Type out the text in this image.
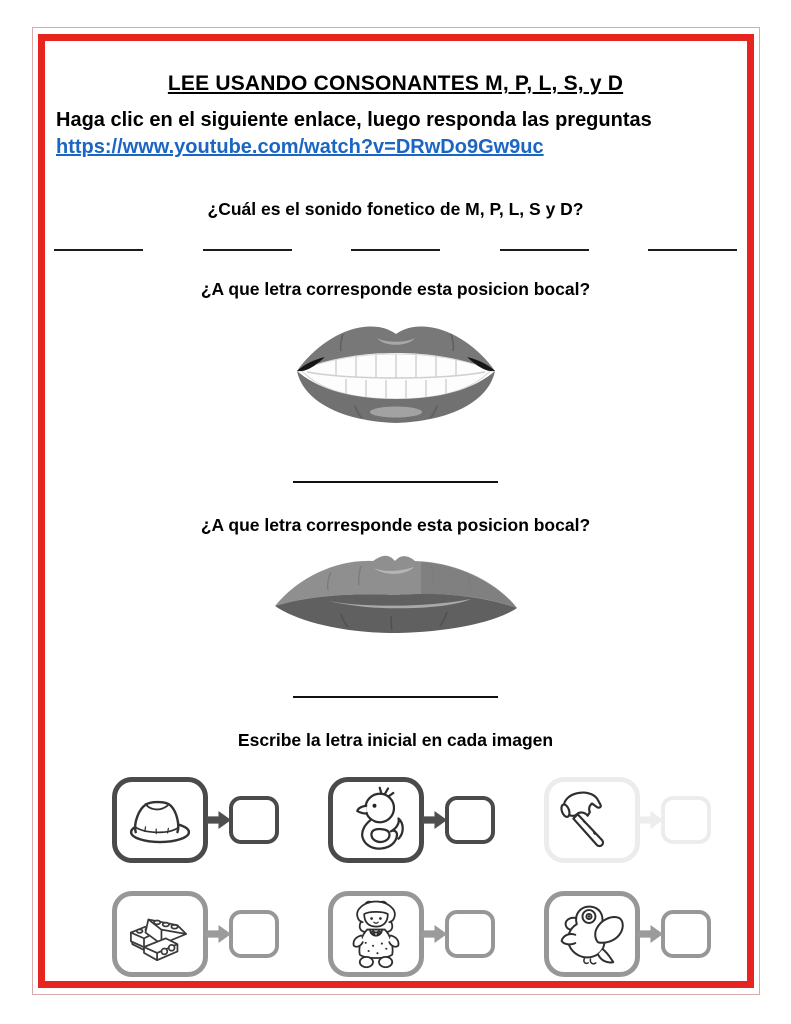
LEE USANDO CONSONANTES M, P, L, S, y D

Haga clic en el siguiente enlace, luego responda las preguntas

https://www.youtube.com/watch?v=DRwDo9Gw9uc

¿Cuál es el sonido fonetico de M, P, L, S y D?

¿A que letra corresponde esta posicion bocal?

¿A que letra corresponde esta posicion bocal?

Escribe la letra inicial en cada imagen
